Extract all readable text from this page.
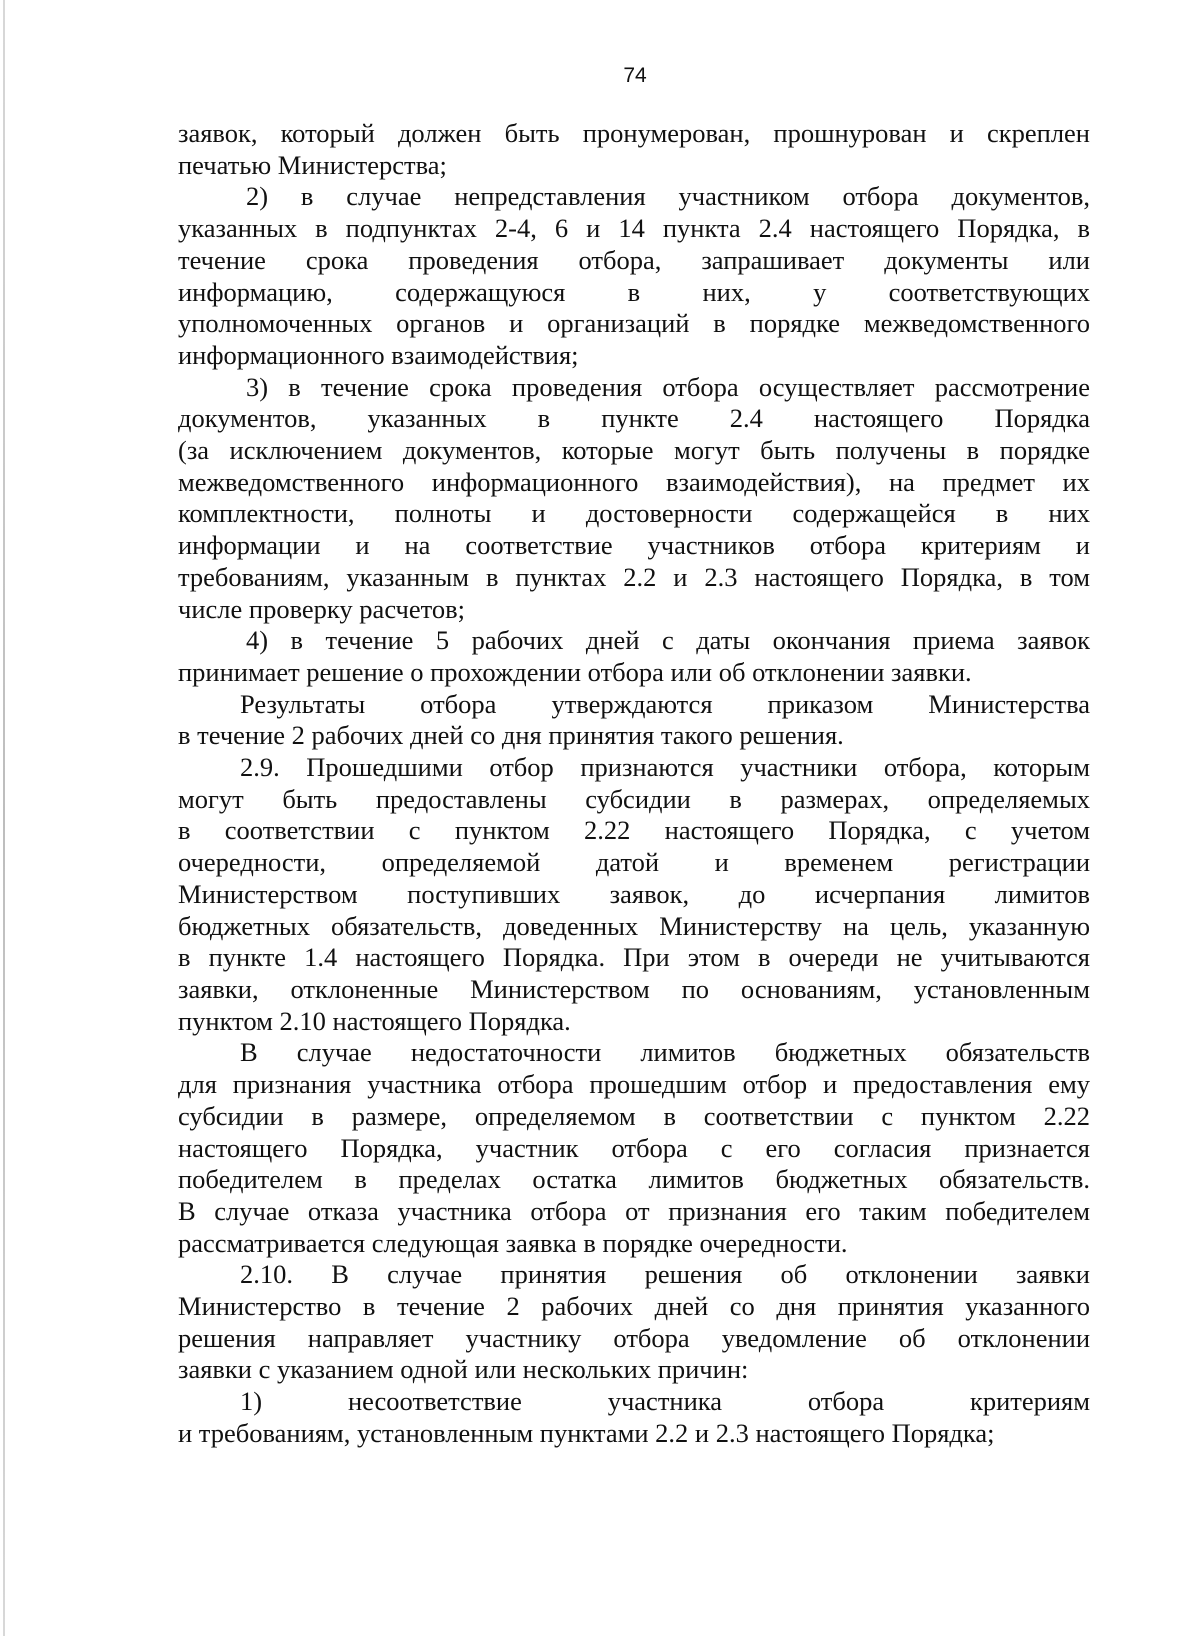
74
заявок, который должен быть пронумерован, прошнурован и скреплен
печатью Министерства;
2) в случае непредставления участником отбора документов,
указанных в подпунктах 2-4, 6 и 14 пункта 2.4 настоящего Порядка, в
течение срока проведения отбора, запрашивает документы или
информацию, содержащуюся в них, у соответствующих
уполномоченных органов и организаций в порядке межведомственного
информационного взаимодействия;
3) в течение срока проведения отбора осуществляет рассмотрение
документов, указанных в пункте 2.4 настоящего Порядка
(за исключением документов, которые могут быть получены в порядке
межведомственного информационного взаимодействия), на предмет их
комплектности, полноты и достоверности содержащейся в них
информации и на соответствие участников отбора критериям и
требованиям, указанным в пунктах 2.2 и 2.3 настоящего Порядка, в том
числе проверку расчетов;
4) в течение 5 рабочих дней с даты окончания приема заявок
принимает решение о прохождении отбора или об отклонении заявки.
Результаты отбора утверждаются приказом Министерства
в течение 2 рабочих дней со дня принятия такого решения.
2.9. Прошедшими отбор признаются участники отбора, которым
могут быть предоставлены субсидии в размерах, определяемых
в соответствии с пунктом 2.22 настоящего Порядка, с учетом
очередности, определяемой датой и временем регистрации
Министерством поступивших заявок, до исчерпания лимитов
бюджетных обязательств, доведенных Министерству на цель, указанную
в пункте 1.4 настоящего Порядка. При этом в очереди не учитываются
заявки, отклоненные Министерством по основаниям, установленным
пунктом 2.10 настоящего Порядка.
В случае недостаточности лимитов бюджетных обязательств
для признания участника отбора прошедшим отбор и предоставления ему
субсидии в размере, определяемом в соответствии с пунктом 2.22
настоящего Порядка, участник отбора с его согласия признается
победителем в пределах остатка лимитов бюджетных обязательств.
В случае отказа участника отбора от признания его таким победителем
рассматривается следующая заявка в порядке очередности.
2.10. В случае принятия решения об отклонении заявки
Министерство в течение 2 рабочих дней со дня принятия указанного
решения направляет участнику отбора уведомление об отклонении
заявки с указанием одной или нескольких причин:
1) несоответствие участника отбора критериям
и требованиям, установленным пунктами 2.2 и 2.3 настоящего Порядка;
